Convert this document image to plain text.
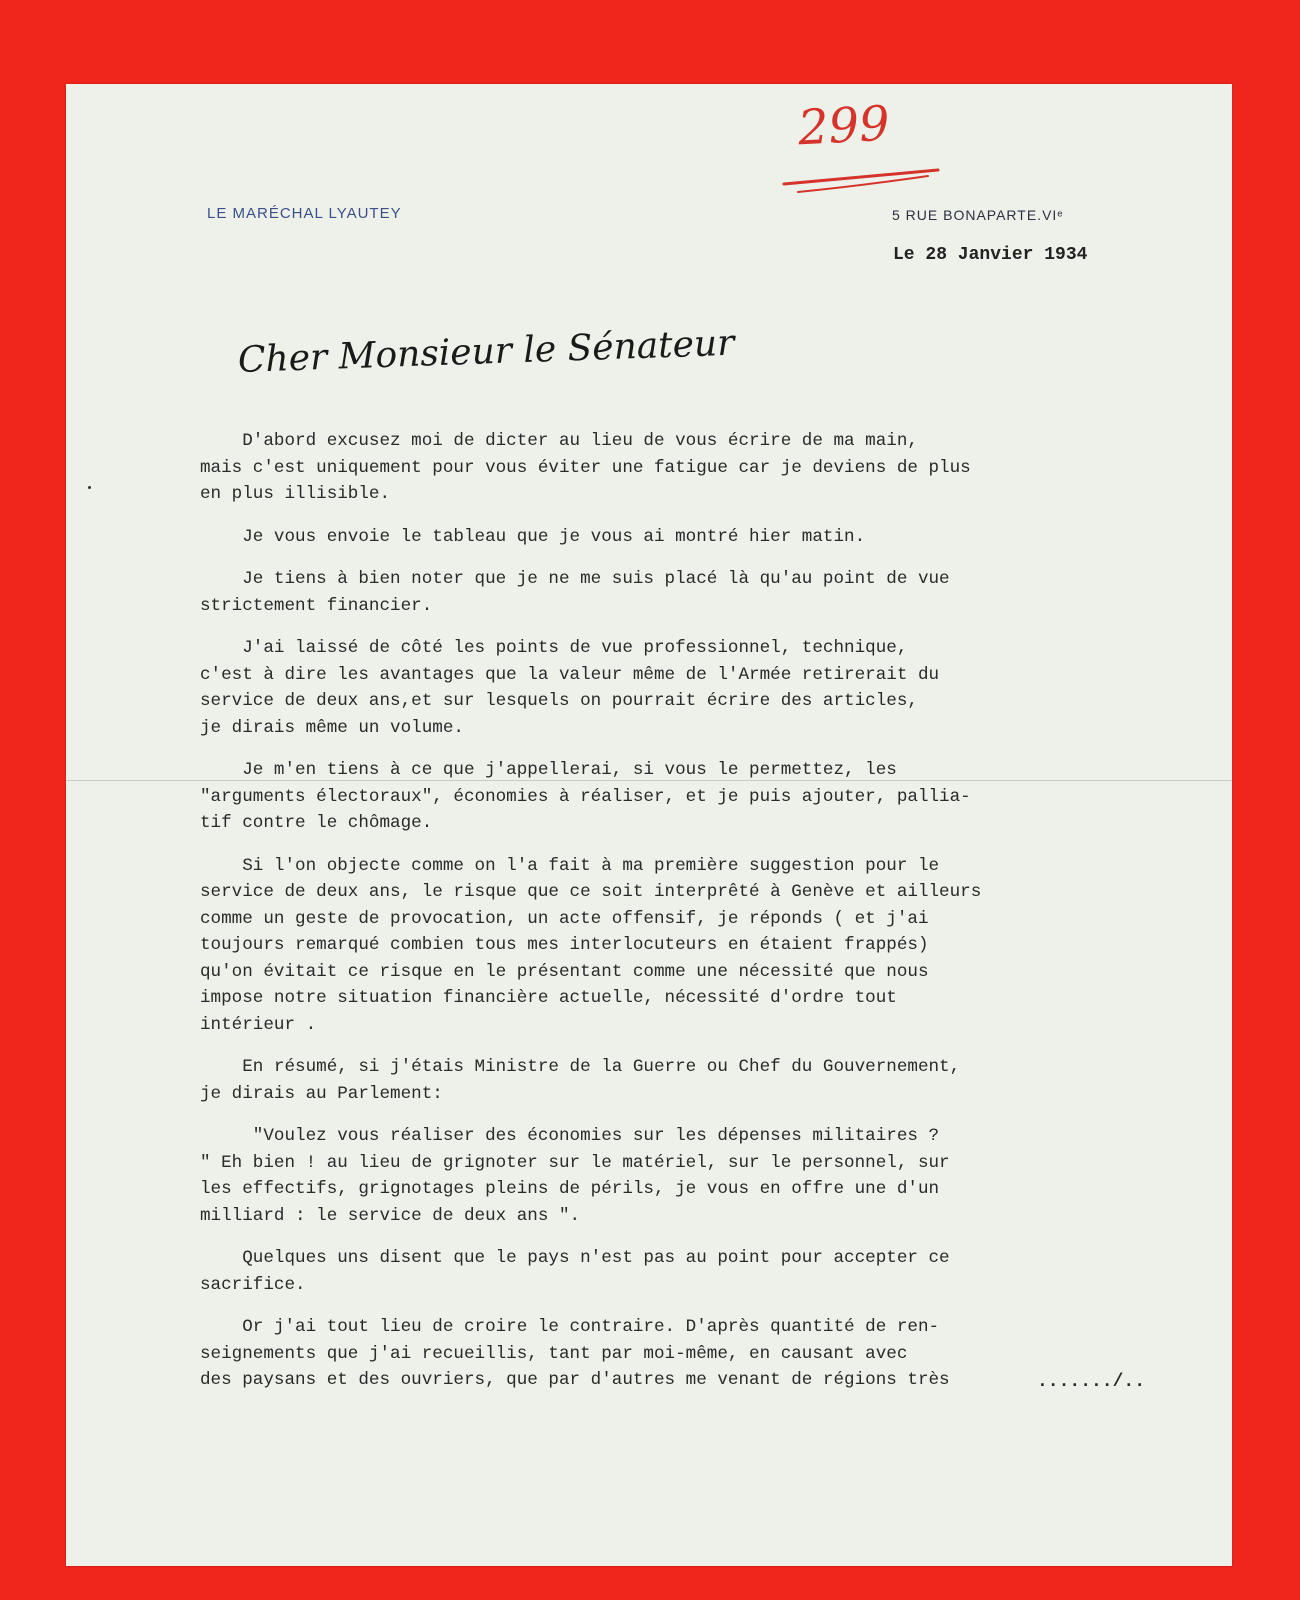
LE MARÉCHAL LYAUTEY	5 RUE BONAPARTE.VIᵉ
299
Le 28 Janvier 1934
Cher Monsieur le Sénateur
D'abord excusez moi de dicter au lieu de vous écrire de ma main,
mais c'est uniquement pour vous éviter une fatigue car je deviens de plus
en plus illisible.
Je vous envoie le tableau que je vous ai montré hier matin.
Je tiens à bien noter que je ne me suis placé là qu'au point de vue
strictement financier.
J'ai laissé de côté les points de vue professionnel, technique,
c'est à dire les avantages que la valeur même de l'Armée retirerait du
service de deux ans,et sur lesquels on pourrait écrire des articles,
je dirais même un volume.
Je m'en tiens à ce que j'appellerai, si vous le permettez, les
"arguments électoraux", économies à réaliser, et je puis ajouter, pallia-
tif contre le chômage.
Si l'on objecte comme on l'a fait à ma première suggestion pour le
service de deux ans, le risque que ce soit interprêté à Genève et ailleurs
comme un geste de provocation, un acte offensif, je réponds ( et j'ai
toujours remarqué combien tous mes interlocuteurs en étaient frappés)
qu'on évitait ce risque en le présentant comme une nécessité que nous
impose notre situation financière actuelle, nécessité d'ordre tout
intérieur .
En résumé, si j'étais Ministre de la Guerre ou Chef du Gouvernement,
je dirais au Parlement:
"Voulez vous réaliser des économies sur les dépenses militaires ?
" Eh bien ! au lieu de grignoter sur le matériel, sur le personnel, sur
les effectifs, grignotages pleins de périls, je vous en offre une d'un
milliard : le service de deux ans ".
Quelques uns disent que le pays n'est pas au point pour accepter ce
sacrifice.
Or j'ai tout lieu de croire le contraire. D'après quantité de ren-
seignements que j'ai recueillis, tant par moi-même, en causant avec
des paysans et des ouvriers, que par d'autres me venant de régions très	......./..
